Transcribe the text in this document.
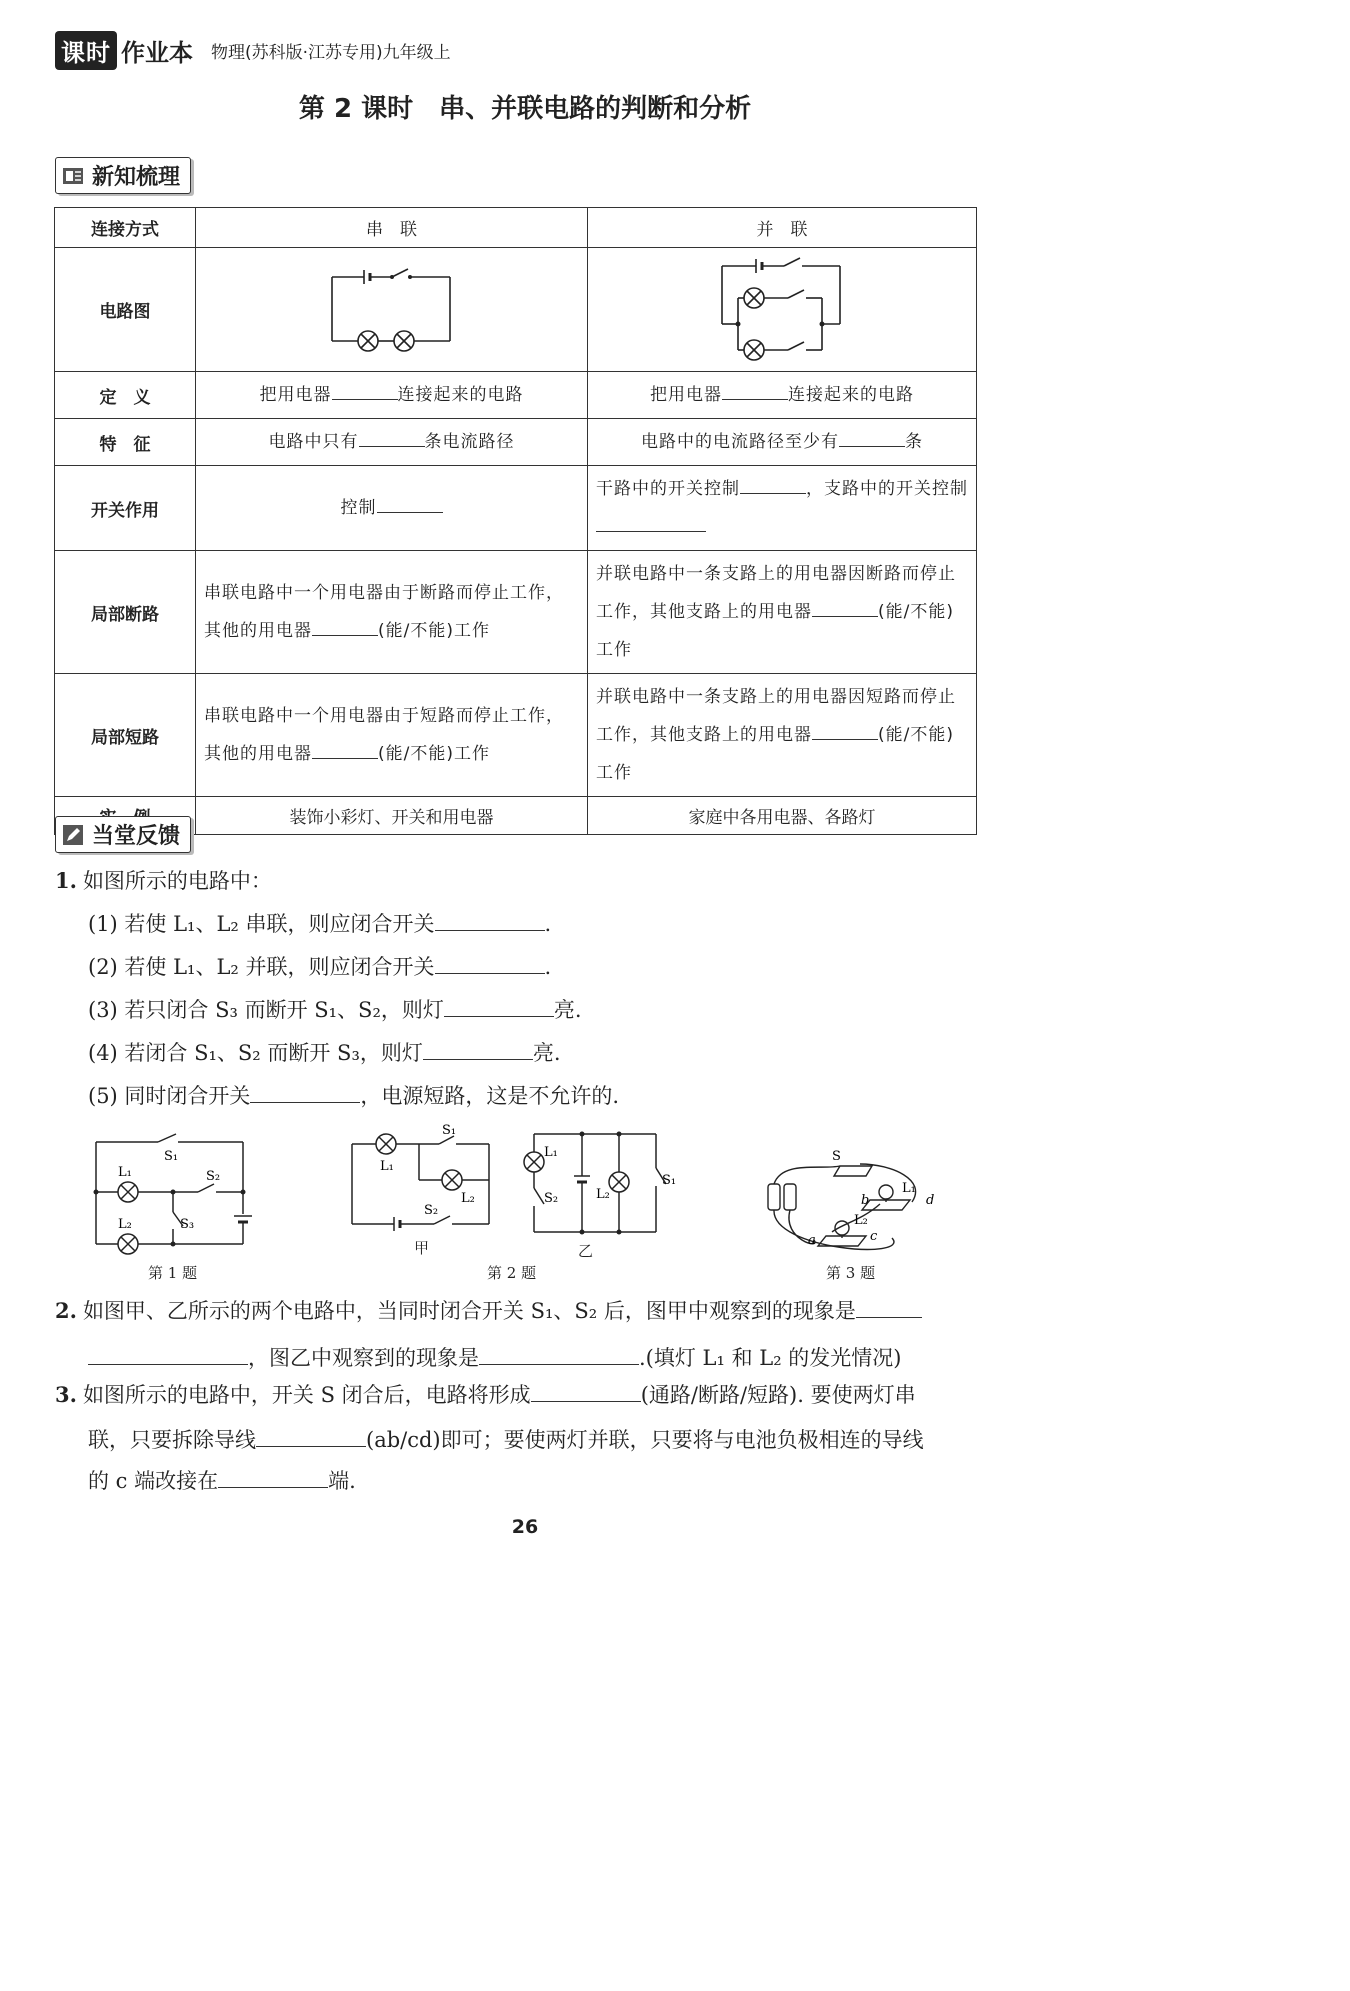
课时 作业本 物理(苏科版·江苏专用)九年级上
第 2 课时　串、并联电路的判断和分析
新知梳理
连接方式	串　联	并　联
电路图		
定　义	把用电器 连接起来的电路	把用电器 连接起来的电路
特　征	电路中只有 条电流路径	电路中的电流路径至少有 条
开关作用	控制	干路中的开关控制 ，支路中的开关控制
局部断路	串联电路中一个用电器由于断路而停止工作，其他的用电器 (能/不能)工作	并联电路中一条支路上的用电器因断路而停止工作，其他支路上的用电器 (能/不能)工作
局部短路	串联电路中一个用电器由于短路而停止工作，其他的用电器 (能/不能)工作	并联电路中一条支路上的用电器因短路而停止工作，其他支路上的用电器 (能/不能)工作
	装饰小彩灯、开关和用电器	家庭中各用电器、各路灯
当堂反馈
1. 如图所示的电路中：
(1) 若使 L₁、L₂ 串联，则应闭合开关	.
(2) 若使 L₁、L₂ 并联，则应闭合开关	.
(3) 若只闭合 S₃ 而断开 S₁、S₂，则灯	亮.
(4) 若闭合 S₁、S₂ 而断开 S₃，则灯	亮.
(5) 同时闭合开关	，电源短路，这是不允许的.
L₁
L₂
S₁
S₂
S₃
第 1 题
L₁
L₂
S₁
S₂
甲
L₁
L₂
S₂
S₁
乙
第 2 题
S
L₁
L₂
b	d
a	c
第 3 题
2. 如图甲、乙所示的两个电路中，当同时闭合开关 S₁、S₂ 后，图甲中观察到的现象是
，图乙中观察到的现象是	.(填灯 L₁ 和 L₂ 的发光情况)
3. 如图所示的电路中，开关 S 闭合后，电路将形成	(通路/断路/短路). 要使两灯串
联，只要拆除导线	(ab/cd)即可；要使两灯并联，只要将与电池负极相连的导线
的 c 端改接在	端.
26
